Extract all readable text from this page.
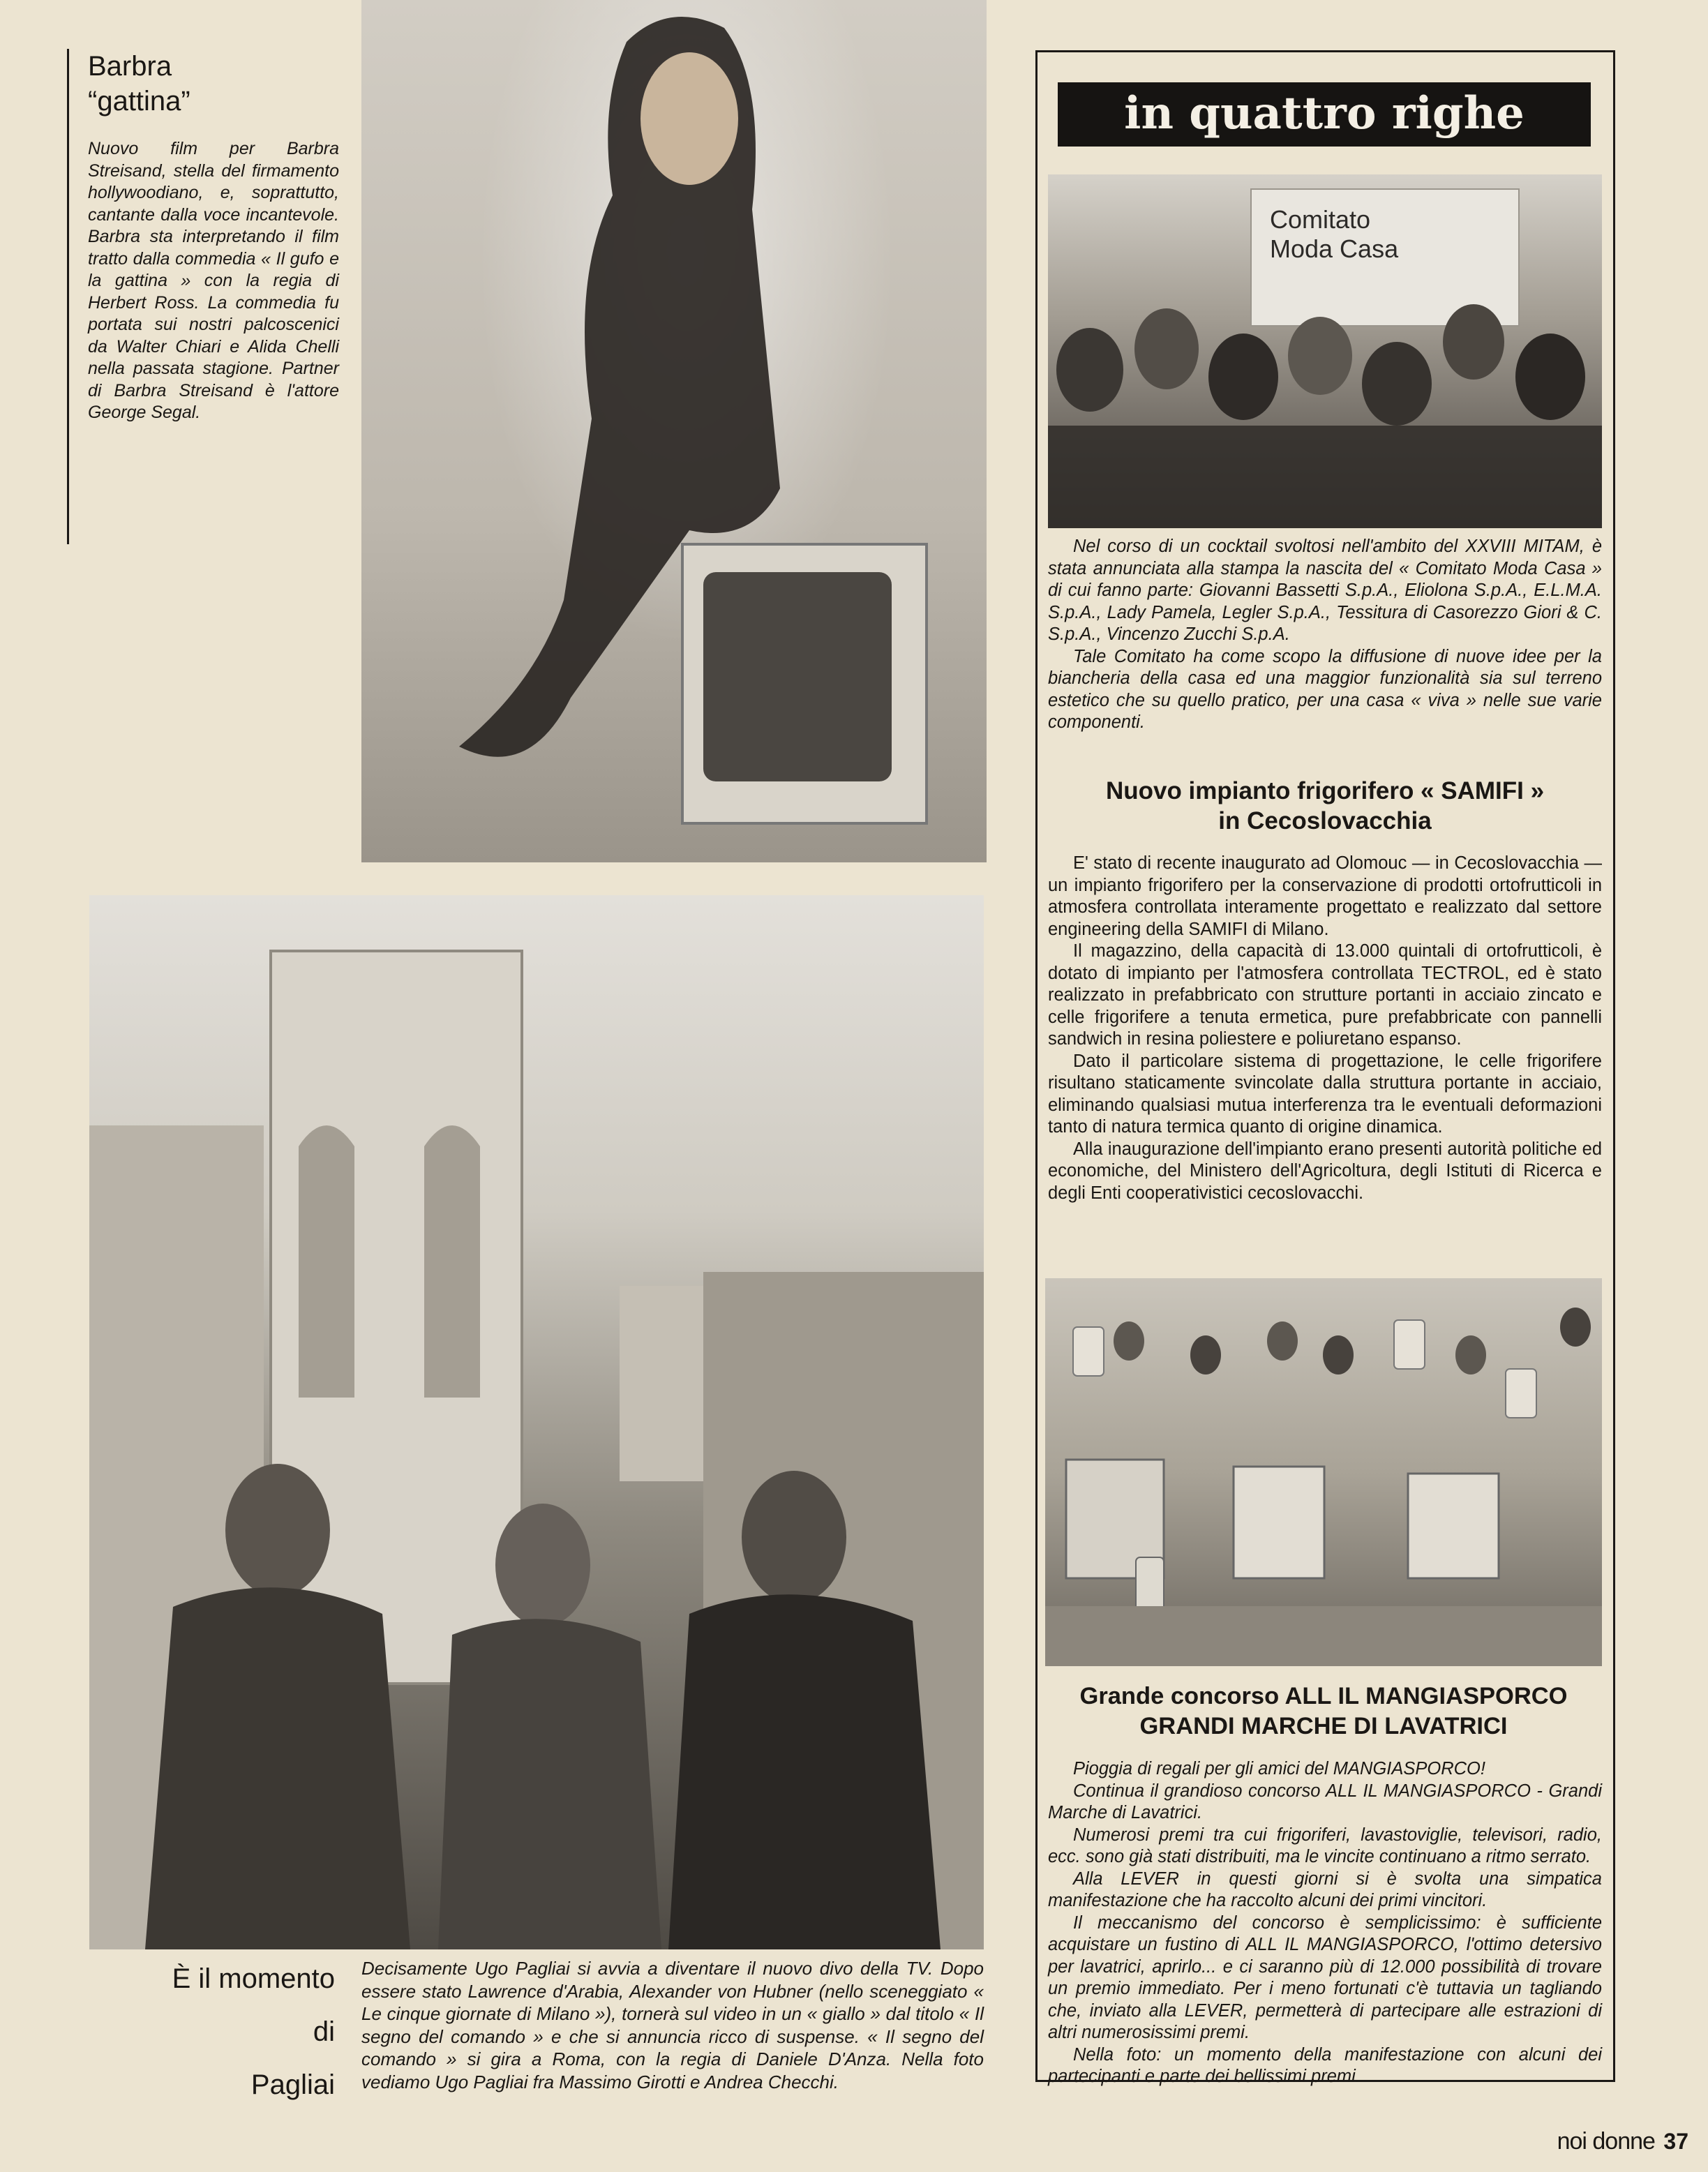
Barbra
“gattina”

Nuovo film per Barbra Streisand, stella del firmamento hollywoodiano, e, soprattutto, cantante dalla voce incantevole. Barbra sta interpretando il film tratto dalla commedia « Il gufo e la gattina » con la regia di Herbert Ross. La commedia fu portata sui nostri palcoscenici da Walter Chiari e Alida Chelli nella passata stagione. Partner di Barbra Streisand è l'attore George Segal.

È il momento
di
Pagliai

Decisamente Ugo Pagliai si avvia a diventare il nuovo divo della TV. Dopo essere stato Lawrence d'Arabia, Alexander von Hubner (nello sceneggiato « Le cinque giornate di Milano »), tornerà sul video in un « giallo » dal titolo « Il segno del comando » e che si annuncia ricco di suspense. « Il segno del comando » si gira a Roma, con la regia di Daniele D'Anza. Nella foto vediamo Ugo Pagliai fra Massimo Girotti e Andrea Checchi.

in quattro righe
Comitato
Moda Casa

Nel corso di un cocktail svoltosi nell'ambito del XXVIII MITAM, è stata annunciata alla stampa la nascita del « Comitato Moda Casa » di cui fanno parte: Giovanni Bassetti S.p.A., Eliolona S.p.A., E.L.M.A. S.p.A., Lady Pamela, Legler S.p.A., Tessitura di Casorezzo Giori & C. S.p.A., Vincenzo Zucchi S.p.A.

Tale Comitato ha come scopo la diffusione di nuove idee per la biancheria della casa ed una maggior funzionalità sia sul terreno estetico che su quello pratico, per una casa « viva » nelle sue varie componenti.

Nuovo impianto frigorifero « SAMIFI »
in Cecoslovacchia

E' stato di recente inaugurato ad Olomouc — in Cecoslovacchia — un impianto frigorifero per la conservazione di prodotti ortofrutticoli in atmosfera controllata interamente progettato e realizzato dal settore engineering della SAMIFI di Milano.

Il magazzino, della capacità di 13.000 quintali di ortofrutticoli, è dotato di impianto per l'atmosfera controllata TECTROL, ed è stato realizzato in prefabbricato con strutture portanti in acciaio zincato e celle frigorifere a tenuta ermetica, pure prefabbricate con pannelli sandwich in resina poliestere e poliuretano espanso.

Dato il particolare sistema di progettazione, le celle frigorifere risultano staticamente svincolate dalla struttura portante in acciaio, eliminando qualsiasi mutua interferenza tra le eventuali deformazioni tanto di natura termica quanto di origine dinamica.

Alla inaugurazione dell'impianto erano presenti autorità politiche ed economiche, del Ministero dell'Agricoltura, degli Istituti di Ricerca e degli Enti cooperativistici cecoslovacchi.

Grande concorso ALL IL MANGIASPORCO
GRANDI MARCHE DI LAVATRICI

Pioggia di regali per gli amici del MANGIASPORCO!

Continua il grandioso concorso ALL IL MANGIASPORCO - Grandi Marche di Lavatrici.

Numerosi premi tra cui frigoriferi, lavastoviglie, televisori, radio, ecc. sono già stati distribuiti, ma le vincite continuano a ritmo serrato.

Alla LEVER in questi giorni si è svolta una simpatica manifestazione che ha raccolto alcuni dei primi vincitori.

Il meccanismo del concorso è semplicissimo: è sufficiente acquistare un fustino di ALL IL MANGIASPORCO, l'ottimo detersivo per lavatrici, aprirlo... e ci saranno più di 12.000 possibilità di trovare un premio immediato. Per i meno fortunati c'è tuttavia un tagliando che, inviato alla LEVER, permetterà di partecipare alle estrazioni di altri numerosissimi premi.

Nella foto: un momento della manifestazione con alcuni dei partecipanti e parte dei bellissimi premi.

noi donne 37
